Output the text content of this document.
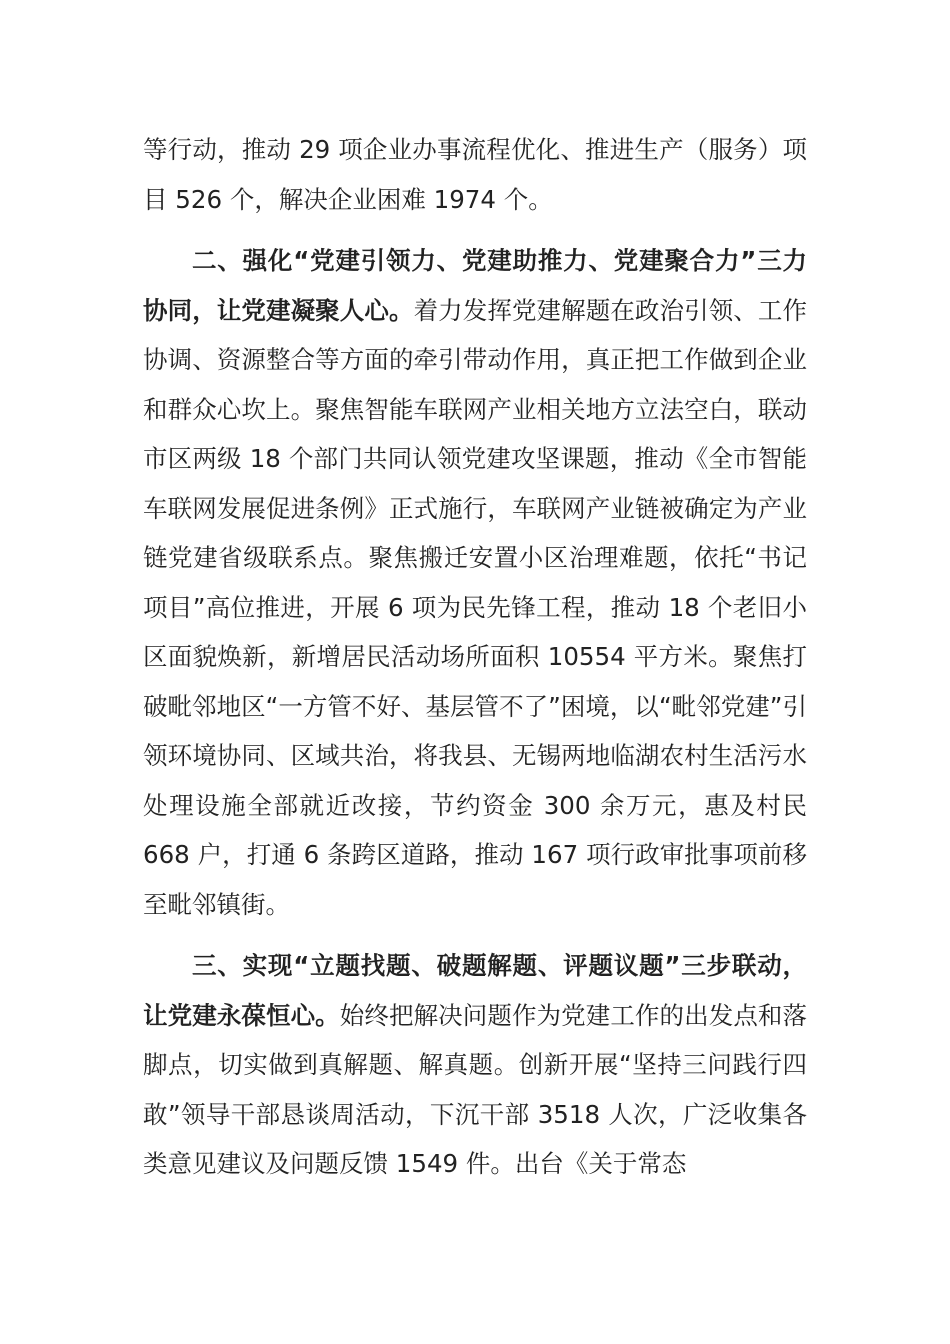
等行动，推动 29 项企业办事流程优化、推进生产（服务）项目 526 个，解决企业困难 1974 个。

二、强化“党建引领力、党建助推力、党建聚合力”三力协同，让党建凝聚人心。着力发挥党建解题在政治引领、工作协调、资源整合等方面的牵引带动作用，真正把工作做到企业和群众心坎上。聚焦智能车联网产业相关地方立法空白，联动市区两级 18 个部门共同认领党建攻坚课题，推动《全市智能车联网发展促进条例》正式施行，车联网产业链被确定为产业链党建省级联系点。聚焦搬迁安置小区治理难题，依托“书记项目”高位推进，开展 6 项为民先锋工程，推动 18 个老旧小区面貌焕新，新增居民活动场所面积 10554 平方米。聚焦打破毗邻地区“一方管不好、基层管不了”困境，以“毗邻党建”引领环境协同、区域共治，将我县、无锡两地临湖农村生活污水处理设施全部就近改接，节约资金 300 余万元，惠及村民 668 户，打通 6 条跨区道路，推动 167 项行政审批事项前移至毗邻镇街。

三、实现“立题找题、破题解题、评题议题”三步联动，让党建永葆恒心。始终把解决问题作为党建工作的出发点和落脚点，切实做到真解题、解真题。创新开展“坚持三问践行四敢”领导干部恳谈周活动，下沉干部 3518 人次，广泛收集各类意见建议及问题反馈 1549 件。出台《关于常态
